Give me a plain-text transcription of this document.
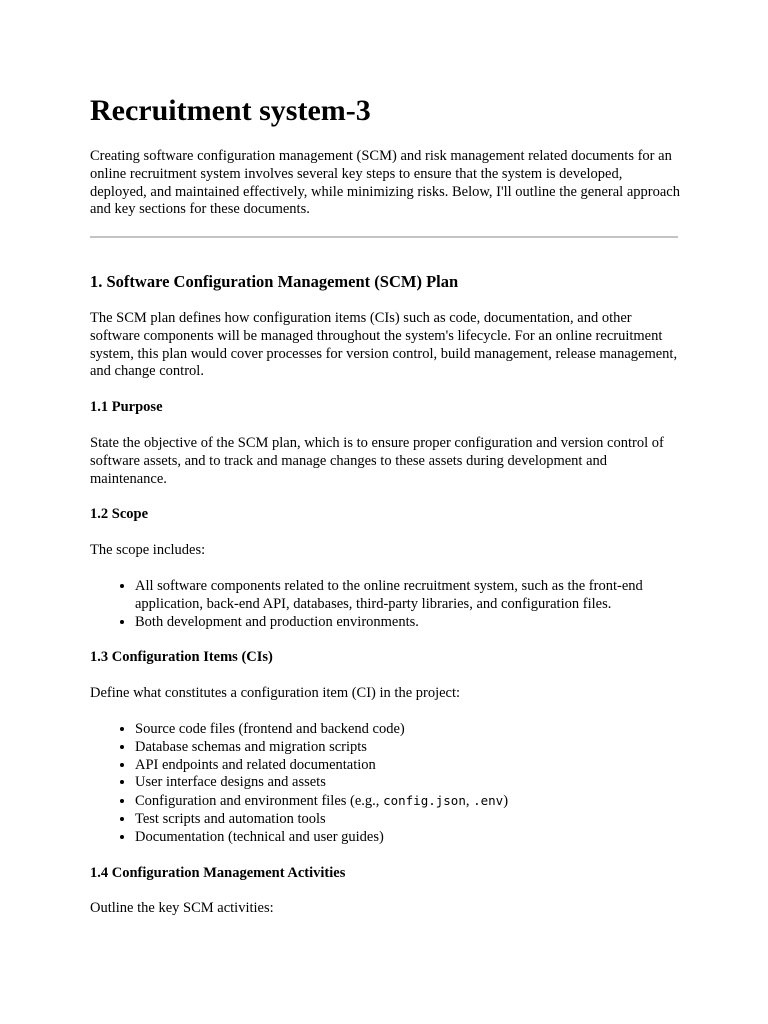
Recruitment system-3

Creating software configuration management (SCM) and risk management related documents for an online recruitment system involves several key steps to ensure that the system is developed, deployed, and maintained effectively, while minimizing risks. Below, I'll outline the general approach and key sections for these documents.

1. Software Configuration Management (SCM) Plan

The SCM plan defines how configuration items (CIs) such as code, documentation, and other software components will be managed throughout the system's lifecycle. For an online recruitment system, this plan would cover processes for version control, build management, release management, and change control.

1.1 Purpose

State the objective of the SCM plan, which is to ensure proper configuration and version control of software assets, and to track and manage changes to these assets during development and maintenance.

1.2 Scope

The scope includes:

• All software components related to the online recruitment system, such as the front-end application, back-end API, databases, third-party libraries, and configuration files.
• Both development and production environments.
1.3 Configuration Items (CIs)

Define what constitutes a configuration item (CI) in the project:

• Source code files (frontend and backend code)
• Database schemas and migration scripts
• API endpoints and related documentation
• User interface designs and assets
• Configuration and environment files (e.g., config.json, .env)
• Test scripts and automation tools
• Documentation (technical and user guides)
1.4 Configuration Management Activities

Outline the key SCM activities:
